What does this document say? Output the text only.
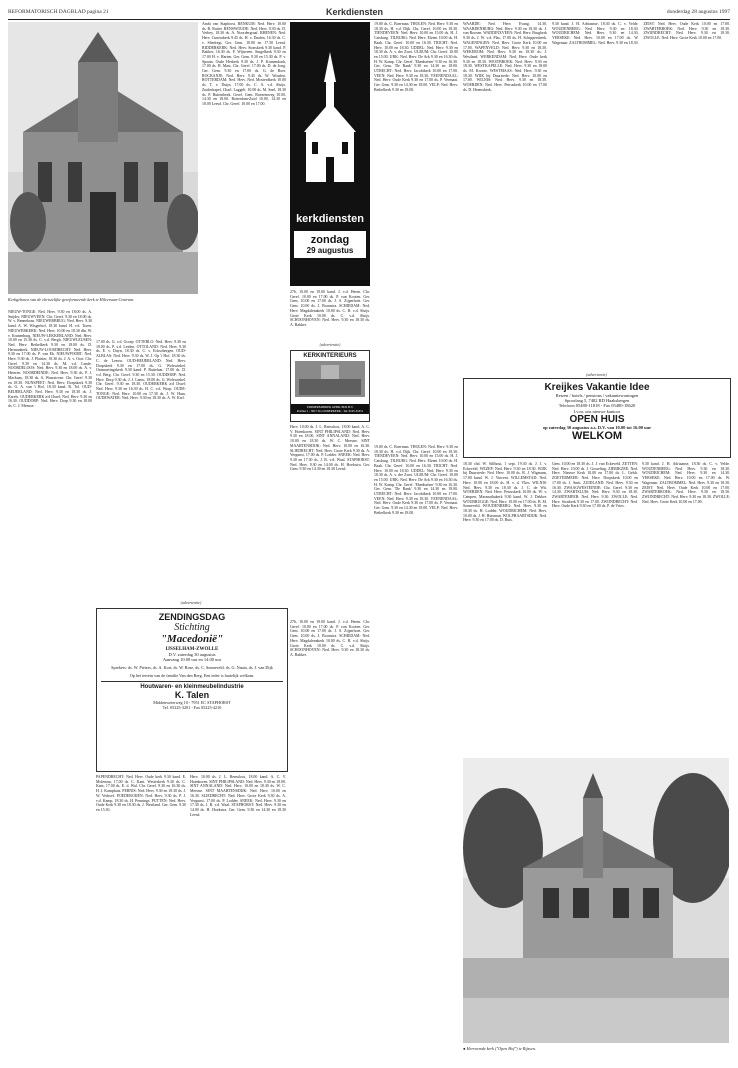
REFORMATORISCH DAGBLAD pagina 21	Kerkdiensten	donderdag 28 augustus 1997
Kerkgebouw van de christelijke gereformeerde kerk te Hilversum-Centrum.

Ambt van Staphorst. RENKUM: Ned. Herv. 10.00 ds. B. Ruiter. RENSWOUDE: Ned. Herv. 9.30 ds. D. Verhey, 18.30 ds. A. Noordergraaf. RHENEN: Ned. Herv. Cunerakerk 9.45 ds. H. v. Daalen, 16.30 ds. C. v. Sliedregt. Ger. Gem. 10.00 en 17.30 Leesd. RIDDERKERK: Ned. Herv. Sionskerk 9.30 kand. P. Bakker, 16.30 ds. F. Wijnveen. Singelkerk 9.30 en 17.00 H. v. Harten. Ger. Gem. 9.30 en 15.30 ds. P. v. Spaain. Oude Herkerk 9.30 ds. J. P. Kranendonk, 17.00 ds. H. Mast. Chr. Geref. 17.00 ds. D. de Jong. Ger. Gem. 9.30 en 17.00 ds. G. de Boer. ROCKANJE: Ned. Herv. 9.45 ds. W. Wouden. ROTTERDAM: Ned. Herv. Ned. Mosterdkerk 10.00 ds. T. v. Duijn, 17.00 ds. C. A. v.d. Sluijs. Zuiderkapel, Charl. Laggelt. 10.00 ds. M. Snel, 18.30 ds. P. Ruitenbeek. Geref. Gem. Boezemweg 10.00, 14.30 en 18.00. Rotterdam-Zuid 10.00, 14.30 en 18.00 Leesd. Chr. Geref. 10.00 en 17.00.

kerkdiensten
zondag
29 augustus

276, 10.00 en 19.00 kand. J. v.d. Heem. Chr. Geref. 10.00 en 17.00 ds. P. van Kooten. Ger. Gem. 10.00 en 17.00 ds. J. S. Zijperhoet. Ger. Gem. 10.00 ds. J. Boonstra. SCHIEDAM: Ned. Herv. Magdalenakerk 10.00 ds. C. B. v.d. Sluijs. Grote Kerk 10.00 ds. C. v.d. Sluijs. SCHOONHOVEN: Ned. Herv. 9.30 en 18.30 ds. A. Bakker.

(advertentie)
KERKINTERIEURS
TIMMERFABRIEK GEBR. BOS B.V.
Postbus 1 - 3817 ZG OUDERKERK - Tel. 0165-31651

Herv. 10.00 ds. J. L. Renssloot, 18.00 kand. A. C. V. Hoenkoren. SINT PHILIPSLAND: Ned. Herv. 9.30 en 18.00. SINT ANNALAND: Ned. Herv. 10.00 en 18.30 ds. W. C. Meeuse. SINT MAARTENSDIJK: Ned. Herv. 10.00 en 16.30. SLIEDRECHT: Ned. Herv. Grote Kerk 9.30 ds. A. Vergunst, 17.00 ds. P. Lodder. SNEEK: Ned. Herv. 9.30 en 17.30 ds. J. B. v.d. Waal. STAPHORST: Ned. Herv. 9.30 en 14.00 ds. H. Hoekstra. Ger. Gem. 9.30 en 14.30 en 18.30 Leesd.

19.00 ds. C. Boerman. THOLEN: Ned. Herv. 9.30 en 18.30 ds. H. v.d. Dijk. Chr. Geref. 10.00 en 18.30. TIENDEVEEN: Ned. Herv. 10.00 en 15.00 ds. H. J. Catsburg. TILBURG: Ned. Herv. Elzent 10.00 ds. H. Baak. Chr. Geref. 10.00 en 16.30. TRICHT: Ned. Herv. 10.00 en 18.30. UDDEL: Ned. Herv. 9.30 en 18.30 ds. A. v. der Zwet. ULRUM: Chr. Geref. 10.00 en 15.00. URK: Ned. Herv. De Ark 9.30 en 16.30 ds. H. W. Kamp. Chr. Geref. 'Ebenhaëzer' 9.30 en 16.30. Ger. Gem. 'De Rank' 9.30 en 14.30 en 18.00. UTRECHT: Ned. Herv. Jacobikerk 10.00 en 17.00. VEEN: Ned. Herv. 9.30 en 18.30. VEENENDAAL: Ned. Herv. Oude Kerk 9.30 en 17.00 ds. P. Vermaat. Ger. Gem. 9.30 en 14.30 en 18.00. VELP: Ned. Herv. Bethelkerk 9.30 en 18.00.

WAARDE: Ned. Herv. Evang. 14.30. WAARDENBURG: Ned. Herv. 9.30 en 18.30 ds. J. van Roosen. WADDINXVEEN: Ned. Herv. Brugkerk 9.30 ds. J. W. v.d. Plas, 17.00 ds. H. Schippersbeek. WAGENINGEN: Ned. Herv. Grote Kerk 10.00 en 17.00. WAPENVELD: Ned. Herv. 9.30 en 18.30. WEKEROM: Ned. Herv. 9.30 en 18.30 ds. J. Westland. WERKENDAM: Ned. Herv. Oude kerk 9.30 en 18.30. WESTBROEK: Ned. Herv. 9.30 en 18.30. WESTKAPELLE: Ned. Herv. 9.30 en 18.00 ds. M. Kroeze. WESTMAAS: Ned. Herv. 9.30 en 18.30. WIJK bij Duurstede: Ned. Herv. 10.00 en 17.00. WILNIS: Ned. Herv. 9.30 en 18.30. WOERDEN: Ned. Herv. Petruskerk 10.00 en 17.00 ds. D. Heemskerk.

9.30 kand. J. H. Adriaanse, 18.30 ds. C. v. Velde. WOUDENBERG: Ned. Herv. 9.30 en 18.30. WOUDRICHEM: Ned. Herv. 9.30 en 14.30. YERSEKE: Ned. Herv. 10.00 en 17.00 ds. W. Wagenaar. ZALTBOMMEL: Ned. Herv. 9.30 en 18.30. ZEIST: Ned. Herv. Oude Kerk 10.00 en 17.00. ZWARTEBROEK: Ned. Herv. 9.30 en 18.30. ZWIJNDRECHT: Ned. Herv. 9.30 en 18.30. ZWOLLE: Ned. Herv. Grote Kerk 10.00 en 17.00.

(advertentie)
Kreijkes Vakantie Idee
Reizen / hotels / pensions / vakantiewoningen
Spoorlaag 5, 7482 RD Haaksbergen
Telefoon 05480-11818 - Fax 05480-18620
I.v.m. ons nieuwe kantoor
OPEN HUIS
op zaterdag 30 augustus a.s. D.V. van 10.00 tot 16.00 uur
WELKOM

NIEUW-TONGE: Ned. Herv. 9.30 en 18.00 ds. A. Snijder. NIEUWVEEN: Chr. Geref. 9.30 en 18.00 ds. W. v. Bennekom. NIEUWERBRUG: Ned. Herv. 9.30 kand. A. W. Wisgerhof, 18.30 kand. H. v.d. Toren. NIEUWERKERK: Ned. Herv. 10.00 en 18.30 dhr. W. v. Kranenburg. NIEUW-LEKKERLAND: Ned. Herv. 10.00 en 15.30 ds. C. v.d. Bergh. NIEUWLEUSEN: Ned. Herv. Bethelkerk 9.30 en 18.00 ds. D. Hermankerk. NIEUW-LOOSDRECHT: Ned. Herv. 9.30 en 17.00 ds. P. van Ek. NIEUWPOORT: Ned. Herv. 9.30 ds. J. Plaisier, 18.30 ds. J. A. v. Oort. Chr. Geref. 9.30 en 14.30 ds. M. v.d. Lende. NOORDELOOS: Ned. Herv. 9.30 en 18.00 ds. A. v. Heteren. NOORDEINDE: Ned. Herv. 9.30 ds. P. J. Mackaay, 18.30 ds. A. Waarsiceze. Chr. Geref. 9.30 en 18.30. NUNSPEET: Ned. Herv. Dorpskerk 9.30 ds. G. A. van 't Hof, 18.30 kand. B. Tol. OUD-BEIJERLAND: Ned. Herv. 9.30 en 18.30 ds. J. Karels. OUDERKERK a/d IJssel: Ned. Herv. 9.30 en 16.30. OUDDORP: Ned. Herv. Dorp 9.30 en 18.00 ds. C. J. Meeuse.

17.00 ds. G. v.d. Groep. OTTERLO: Ned. Herv. 9.30 en 18.00 ds. P. v.d. Leiden. OTTOLAND: Ned. Herv. 9.30 ds. E. v. Duyn, 18.30 ds. C. v. Ecksobergen. OUD-ALBLAS: Ned. Herv. 9.30 ds. W. J. Op 't Hof, 18.30 ds. C. de Leeuw. OUD-BEIJERLAND: Ned. Herv. Dorpskerk 9.30 en 17.00 ds. G. Wolswinkel. Ontmoetingskerk 9.30 kand. P. Buitelaar, 17.00 ds. D. v.d. Berg. Chr. Geref. 9.30 en 15.30. OUDDORP: Ned. Herv. Dorp 9.30 ds. J. J. Lamo, 18.00 ds. G. Wolswinkel. Chr. Geref. 9.30 en 18.30. OUDERKERK a/d IJssel: Ned. Herv. 9.30 en 16.30 ds. H. C. v.d. Worp. OUDE-TONGE: Ned. Herv. 10.00 en 17.30 ds. J. W. Haas. OUDEWATER: Ned. Herv. 9.30 en 18.30 ds. A. W. Kiel.

(advertentie)
ZENDINGSDAG
Stichting
"Macedonië"
IJSSELHAM-ZWOLLE
D.V. zaterdag 30 augustus
Aanvang 10.00 uur en 14.00 uur
Sprekers: ds. W. Pieters, ds. A. Kort, ds. W. Rose, ds. C. Sonneveld, ds. G. Nauta, ds. J. van Dijk
Op het terrein van de familie Van den Berg. Een ieder is hartelijk welkom.
Houtwaren- en kleinmeubelindustrie
K. Talen
Middenweterweg 10 - 7951 EC STAPHORST
Tel. 05225-3201 - Fax 05225-4210

PAPENDRECHT: Ned. Herv. Oude kerk 9.30 kand. E. Molenaar, 17.00 ds. C. Kant. Westerkerk 9.30 ds. C. Kant, 17.00 ds. E. d. Wal. Chr. Geref. 9.30 en 16.30 ds. H. J. Kamphuis. PERNIS: Ned. Herv. 9.30 en 18.30 ds. J. W. Verhoef. POEDEROIJEN: Ned. Herv. 9.30 ds. P. J. v.d. Kamp, 18.30 ds. H. Pennings. PUTTEN: Ned. Herv. Oude Kerk 9.30 en 18.30 ds. J. Westland. Ger. Gem. 9.30 en 15.30.

Herv. 10.00 ds. J. L. Renssloot, 18.00 kand. A. C. V. Hoenkoren. SINT PHILIPSLAND: Ned. Herv. 9.30 en 18.00. SINT ANNALAND: Ned. Herv. 10.00 en 18.30 ds. W. C. Meeuse. SINT MAARTENSDIJK: Ned. Herv. 10.00 en 16.30. SLIEDRECHT: Ned. Herv. Grote Kerk 9.30 ds. A. Vergunst, 17.00 ds. P. Lodder. SNEEK: Ned. Herv. 9.30 en 17.30 ds. J. B. v.d. Waal. STAPHORST: Ned. Herv. 9.30 en 14.00 ds. H. Hoekstra. Ger. Gem. 9.30 en 14.30 en 18.30 Leesd.

276, 10.00 en 19.00 kand. J. v.d. Heem. Chr. Geref. 10.00 en 17.00 ds. P. van Kooten. Ger. Gem. 10.00 en 17.00 ds. J. S. Zijperhoet. Ger. Gem. 10.00 ds. J. Boonstra. SCHIEDAM: Ned. Herv. Magdalenakerk 10.00 ds. C. B. v.d. Sluijs. Grote Kerk 10.00 ds. C. v.d. Sluijs. SCHOONHOVEN: Ned. Herv. 9.30 en 18.30 ds. A. Bakker.

19.00 ds. C. Boerman. THOLEN: Ned. Herv. 9.30 en 18.30 ds. H. v.d. Dijk. Chr. Geref. 10.00 en 18.30. TIENDEVEEN: Ned. Herv. 10.00 en 15.00 ds. H. J. Catsburg. TILBURG: Ned. Herv. Elzent 10.00 ds. H. Baak. Chr. Geref. 10.00 en 16.30. TRICHT: Ned. Herv. 10.00 en 18.30. UDDEL: Ned. Herv. 9.30 en 18.30 ds. A. v. der Zwet. ULRUM: Chr. Geref. 10.00 en 15.00. URK: Ned. Herv. De Ark 9.30 en 16.30 ds. H. W. Kamp. Chr. Geref. 'Ebenhaëzer' 9.30 en 16.30. Ger. Gem. 'De Rank' 9.30 en 14.30 en 18.00. UTRECHT: Ned. Herv. Jacobikerk 10.00 en 17.00. VEEN: Ned. Herv. 9.30 en 18.30. VEENENDAAL: Ned. Herv. Oude Kerk 9.30 en 17.00 ds. P. Vermaat. Ger. Gem. 9.30 en 14.30 en 18.00. VELP: Ned. Herv. Bethelkerk 9.30 en 18.00.

18.30 chd. W. Silfhout, 1 sept. 19.30 ds. J. J. v. Eckeveld. WEZEP: Ned. Herv. 9.30 en 18.30. WIJK bij Duurstede: Ned. Herv. 10.00 ds. R. J. Wigmans, 17.00 kand. W. J. Vincent. WILLEMSTAD: Ned. Herv. 10.00 en 18.00 ds. H. v. d. Vlies. WILNIS: Ned. Herv. 9.30 en 18.30 ds. J. C. de Wit. WOERDEN: Ned. Herv. Petruskerk 10.00 ds. W. v. Campen, Maranathakerk 9.30 kand. W. J. Dekker. WOUBRUGGE: Ned. Herv. 10.00 en 17.00 ds. B. M. Sonneveld. WOUDENBERG: Ned. Herv. 9.30 en 18.30 ds. H. Lodder. WOUDRICHEM: Ned. Herv. 10.00 ds. J. H. Huisman. WOLPHAARTSDIJK: Ned. Herv. 9.30 en 17.00 ds. D. Ruis.

Gem. 10.00 en 18.30 ds. J. J. van Eckeveld. ZETTEN: Ned. Herv. 10.00 ds. J. Gosseling. ZIERIKZEE: Ned. Herv. Nieuwe Kerk 10.00 en 17.00 ds. L. Gelsh. ZOETERMEER: Ned. Herv. Dorpskerk 10.00 en 17.00 ds. J. Smit. ZUIDLAND: Ned. Herv. 9.30 en 16.30. ZWAAGWESTEINDE: Chr. Geref. 9.30 en 14.30. ZWARTSLUIS: Ned. Herv. 9.30 en 18.30. ZWARTEMEER: Ned. Herv. 9.30. ZWOLLE: Ned. Herv. Sionkerk 9.30 en 17.00. ZWIJNDRECHT: Ned. Herv. Oude Kerk 9.30 en 17.00 ds. P. de Vries.

9.30 kand. J. H. Adriaanse, 18.30 ds. C. v. Velde. WOUDENBERG: Ned. Herv. 9.30 en 18.30. WOUDRICHEM: Ned. Herv. 9.30 en 14.30. YERSEKE: Ned. Herv. 10.00 en 17.00 ds. W. Wagenaar. ZALTBOMMEL: Ned. Herv. 9.30 en 18.30. ZEIST: Ned. Herv. Oude Kerk 10.00 en 17.00. ZWARTEBROEK: Ned. Herv. 9.30 en 18.30. ZWIJNDRECHT: Ned. Herv. 9.30 en 18.30. ZWOLLE: Ned. Herv. Grote Kerk 10.00 en 17.00.

● Hervormde kerk ("Open Hof") te Rijssen.
